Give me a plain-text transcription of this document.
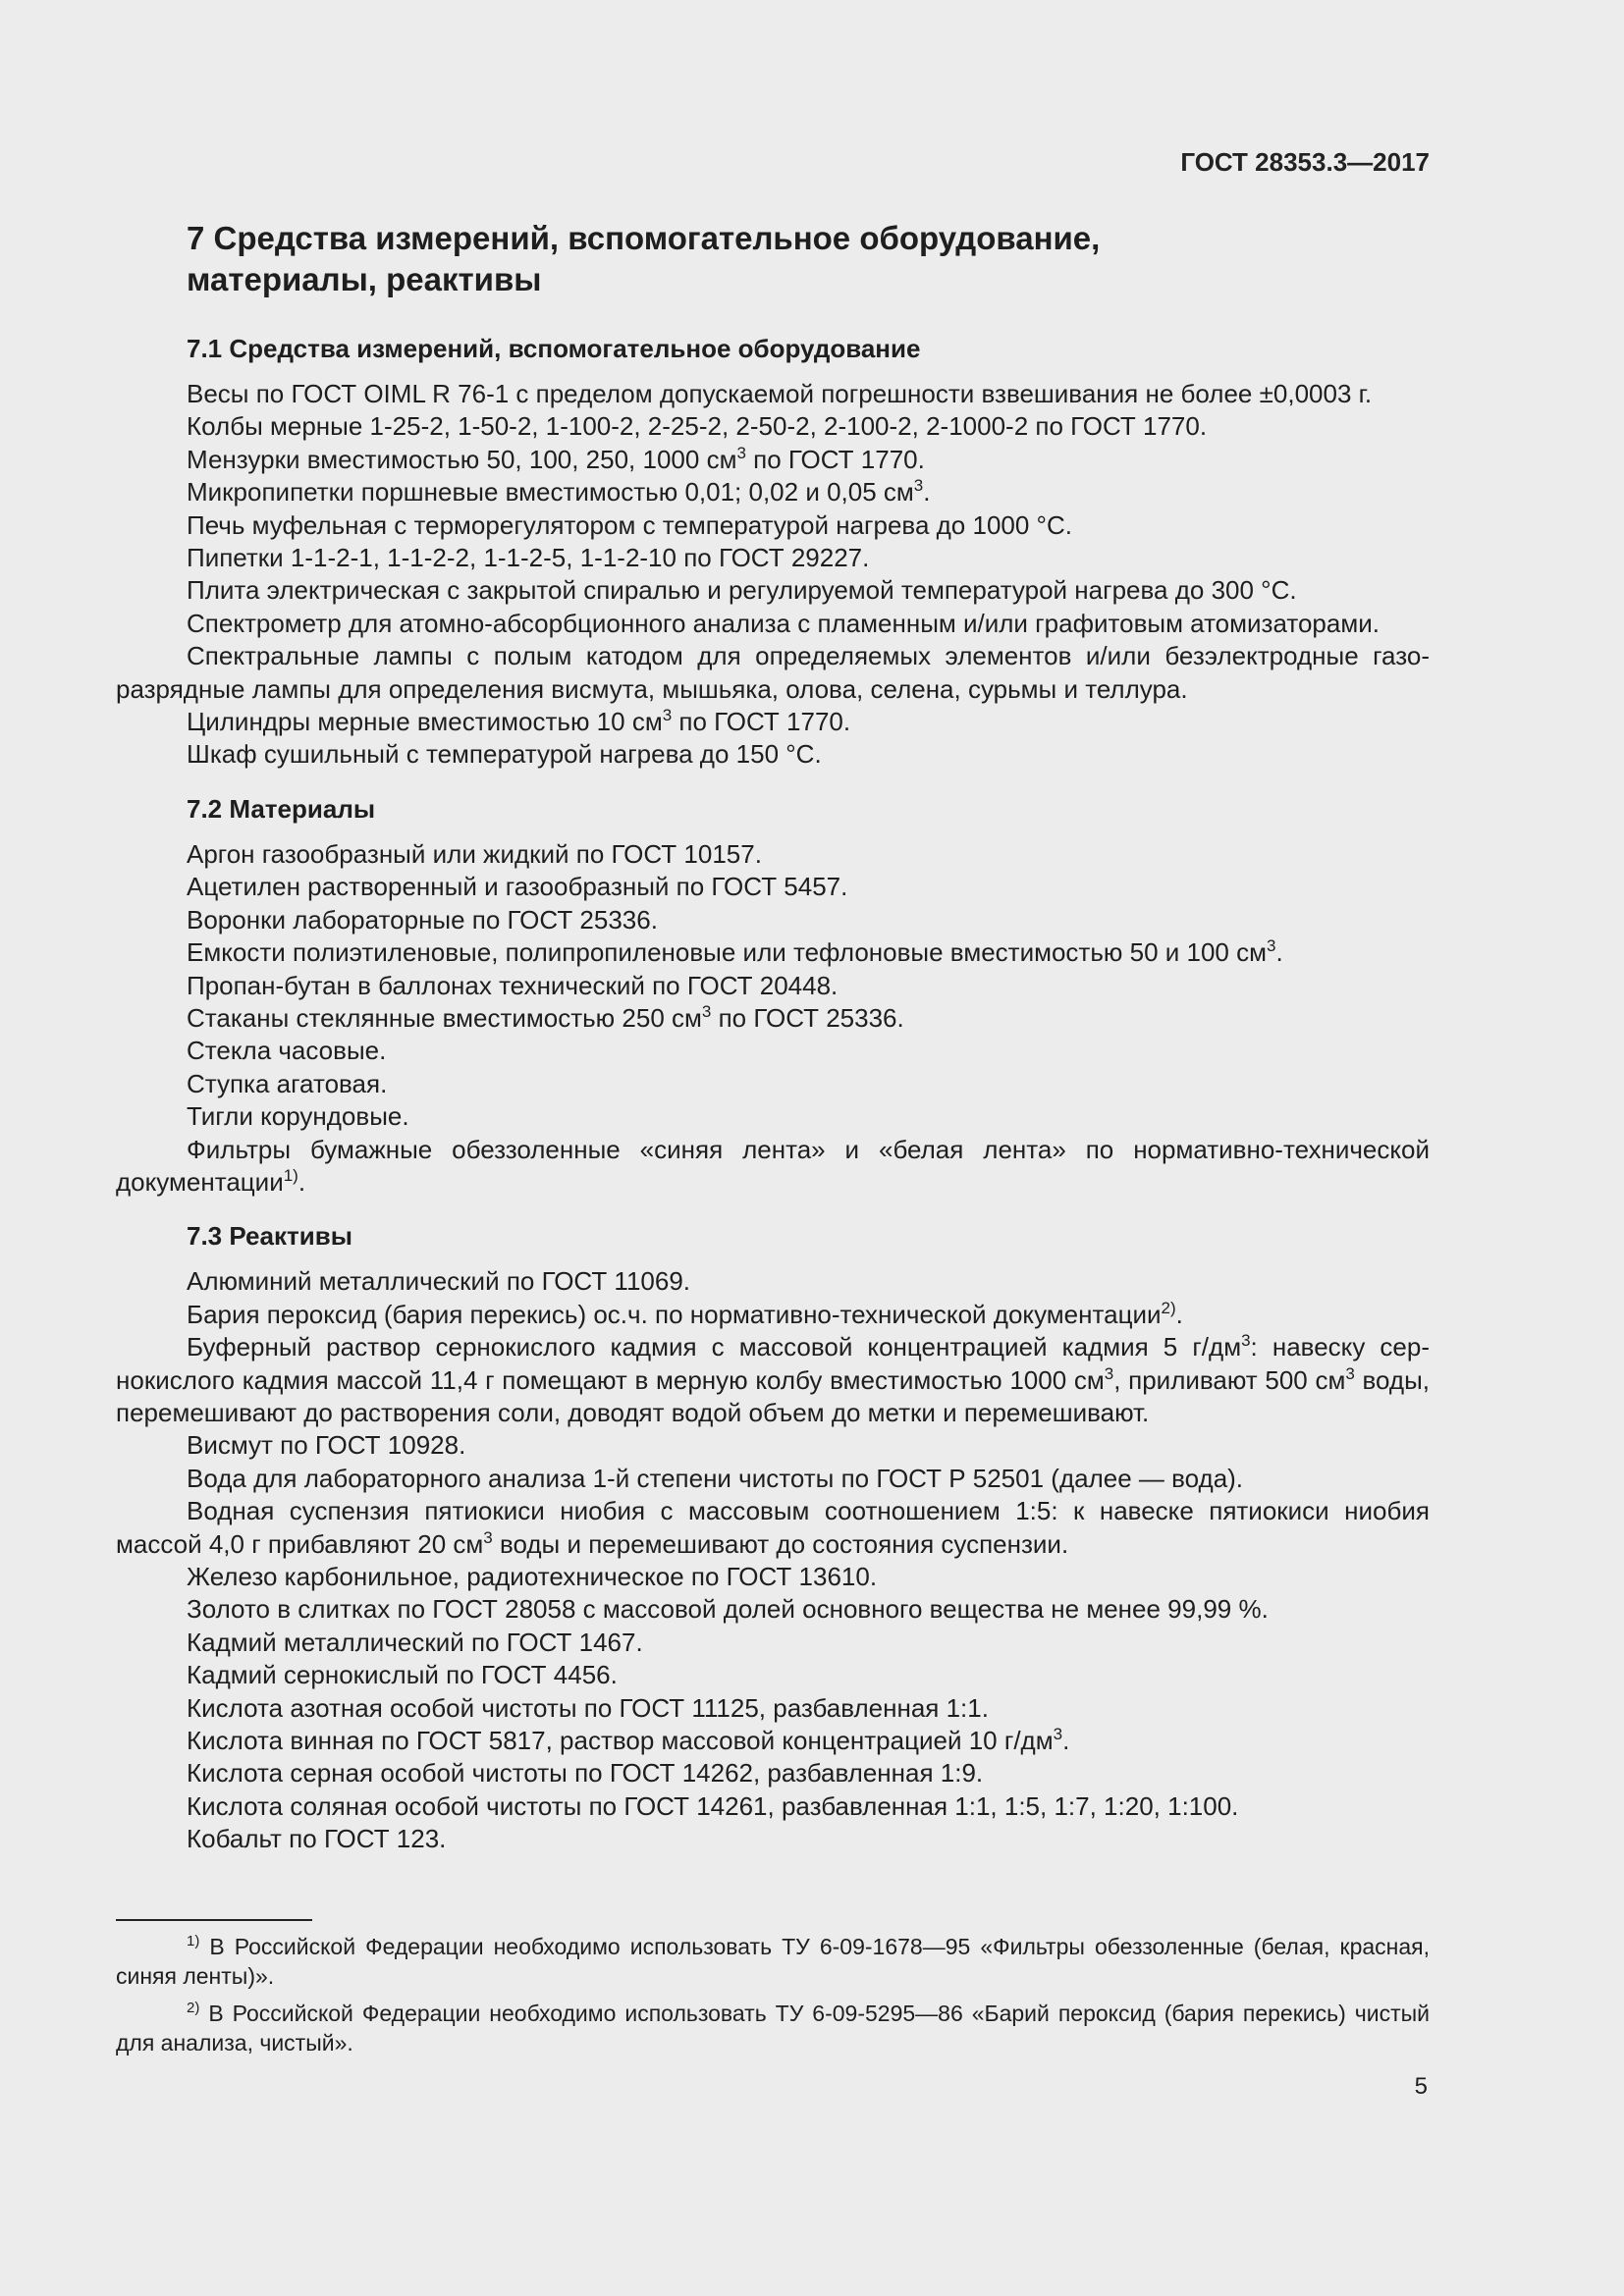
ГОСТ 28353.3—2017
7 Средства измерений, вспомогательное оборудование,
материалы, реактивы
7.1 Средства измерений, вспомогательное оборудование

Весы по ГОСТ OIML R 76-1 с пределом допускаемой погрешности взвешивания не более ±0,0003 г.

Колбы мерные 1-25-2, 1-50-2, 1-100-2, 2-25-2, 2-50-2, 2-100-2, 2-1000-2 по ГОСТ 1770.

Мензурки вместимостью 50, 100, 250, 1000 $см^3$ по ГОСТ 1770.

Микропипетки поршневые вместимостью 0,01; 0,02 и 0,05 $см^3$.

Печь муфельная с терморегулятором с температурой нагрева до 1000 °С.

Пипетки 1-1-2-1, 1-1-2-2, 1-1-2-5, 1-1-2-10 по ГОСТ 29227.

Плита электрическая с закрытой спиралью и регулируемой температурой нагрева до 300 °С.

Спектрометр для атомно-абсорбционного анализа с пламенным и/или графитовым атомизаторами.

Спектральные лампы с полым катодом для определяемых элементов и/или безэлектродные газоразрядные лампы для определения висмута, мышьяка, олова, селена, сурьмы и теллура.

Цилиндры мерные вместимостью 10 $см^3$ по ГОСТ 1770.

Шкаф сушильный с температурой нагрева до 150 °С.

7.2 Материалы

Аргон газообразный или жидкий по ГОСТ 10157.

Ацетилен растворенный и газообразный по ГОСТ 5457.

Воронки лабораторные по ГОСТ 25336.

Емкости полиэтиленовые, полипропиленовые или тефлоновые вместимостью 50 и 100 $см^3$.

Пропан-бутан в баллонах технический по ГОСТ 20448.

Стаканы стеклянные вместимостью 250 $см^3$ по ГОСТ 25336.

Стекла часовые.

Ступка агатовая.

Тигли корундовые.

Фильтры бумажные обеззоленные «синяя лента» и «белая лента» по нормативно-технической документации$^{1)}$.

7.3 Реактивы

Алюминий металлический по ГОСТ 11069.

Бария пероксид (бария перекись) ос.ч. по нормативно-технической документации$^{2)}$.

Буферный раствор сернокислого кадмия с массовой концентрацией кадмия 5 $г/дм^3$: навеску сернокислого кадмия массой 11,4 г помещают в мерную колбу вместимостью 1000 $см^3$, приливают 500 $см^3$ воды, перемешивают до растворения соли, доводят водой объем до метки и перемешивают.

Висмут по ГОСТ 10928.

Вода для лабораторного анализа 1-й степени чистоты по ГОСТ Р 52501 (далее — вода).

Водная суспензия пятиокиси ниобия с массовым соотношением 1:5: к навеске пятиокиси ниобия массой 4,0 г прибавляют 20 $см^3$ воды и перемешивают до состояния суспензии.

Железо карбонильное, радиотехническое по ГОСТ 13610.

Золото в слитках по ГОСТ 28058 с массовой долей основного вещества не менее 99,99 %.

Кадмий металлический по ГОСТ 1467.

Кадмий сернокислый по ГОСТ 4456.

Кислота азотная особой чистоты по ГОСТ 11125, разбавленная 1:1.

Кислота винная по ГОСТ 5817, раствор массовой концентрацией 10 $г/дм^3$.

Кислота серная особой чистоты по ГОСТ 14262, разбавленная 1:9.

Кислота соляная особой чистоты по ГОСТ 14261, разбавленная 1:1, 1:5, 1:7, 1:20, 1:100.

Кобальт по ГОСТ 123.

$^{1)}$ В Российской Федерации необходимо использовать ТУ 6-09-1678—95 «Фильтры обеззоленные (белая, красная, синяя ленты)».

$^{2)}$ В Российской Федерации необходимо использовать ТУ 6-09-5295—86 «Барий пероксид (бария перекись) чистый для анализа, чистый».

5
